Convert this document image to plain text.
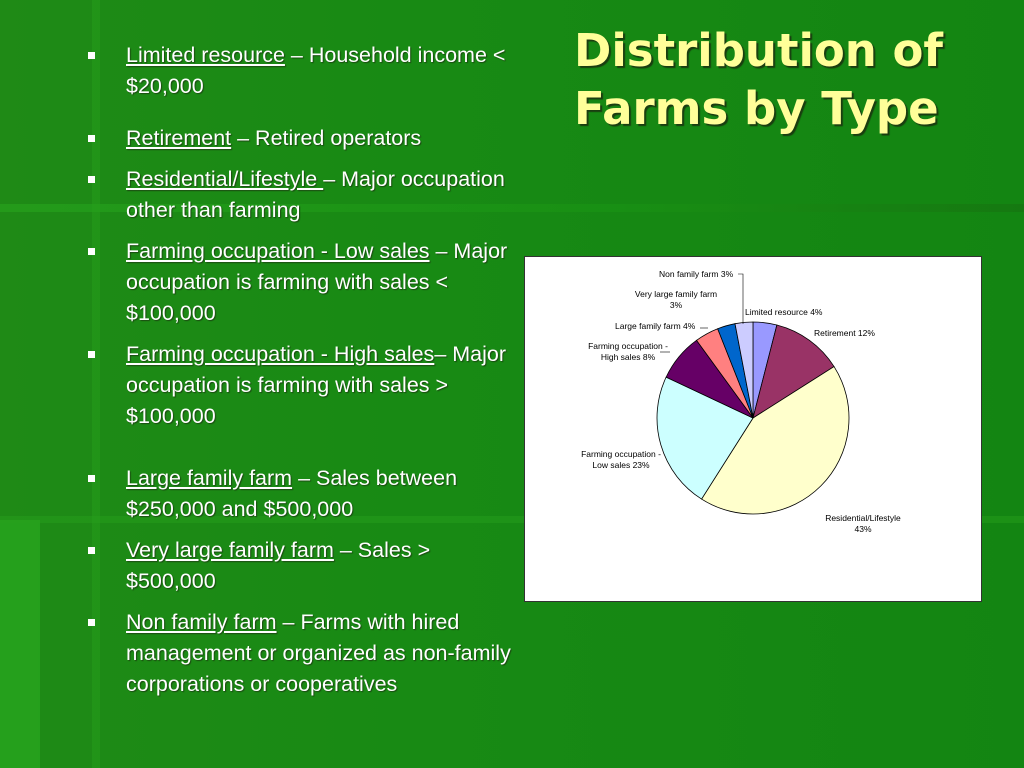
Distribution of Farms by Type
Limited resource – Household income < $20,000
Retirement – Retired operators
Residential/Lifestyle – Major occupation other than farming
Farming occupation - Low sales – Major occupation is farming with sales < $100,000
Farming occupation - High sales– Major occupation is farming with sales > $100,000
Large family farm – Sales between $250,000 and $500,000
Very large family farm – Sales > $500,000
Non family farm – Farms with hired management or organized as non-family corporations or cooperatives
Limited resource 4%
Retirement 12%
Residential/Lifestyle
43%
Farming occupation -
Low sales 23%
Farming occupation -
High sales 8%
Large family farm 4%
Very large family farm
3%
Non family farm 3%
